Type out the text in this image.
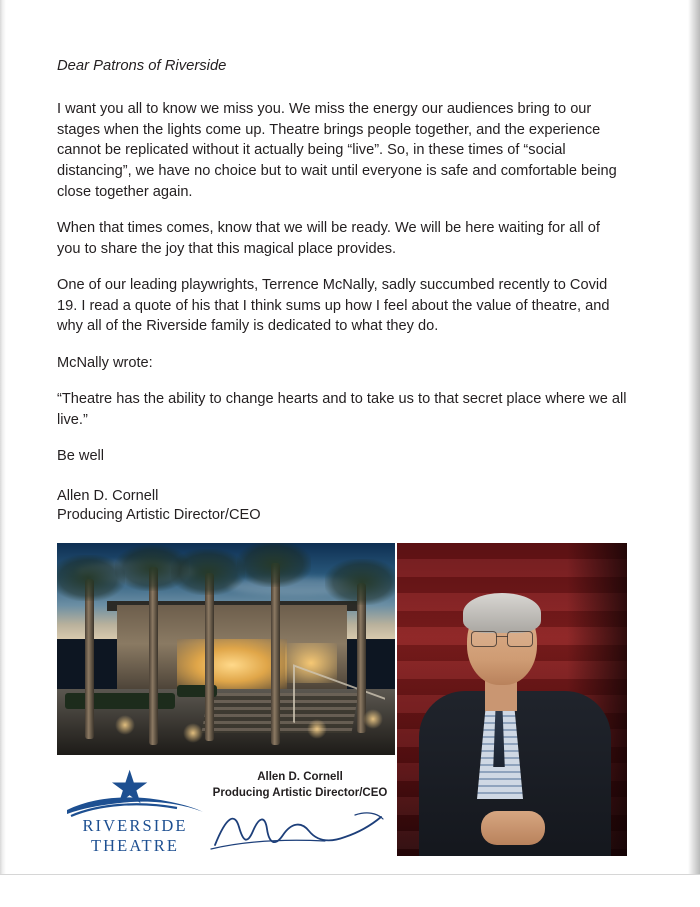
Dear Patrons of Riverside

I want you all to know we miss you. We miss the energy our audiences bring to our stages when the lights come up. Theatre brings people together, and the experience cannot be replicated without it actually being “live”. So, in these times of “social distancing”, we have no choice but to wait until everyone is safe and comfortable being close together again.

When that times comes, know that we will be ready. We will be here waiting for all of you to share the joy that this magical place provides.

One of our leading playwrights, Terrence McNally, sadly succumbed recently to Covid 19. I read a quote of his that I think sums up how I feel about the value of theatre, and why all of the Riverside family is dedicated to what they do.

McNally wrote:

“Theatre has the ability to change hearts and to take us to that secret place where we all live.”

Be well

Allen D. Cornell
Producing Artistic Director/CEO
★
RIVERSIDE
THEATRE
Allen D. Cornell
Producing Artistic Director/CEO
